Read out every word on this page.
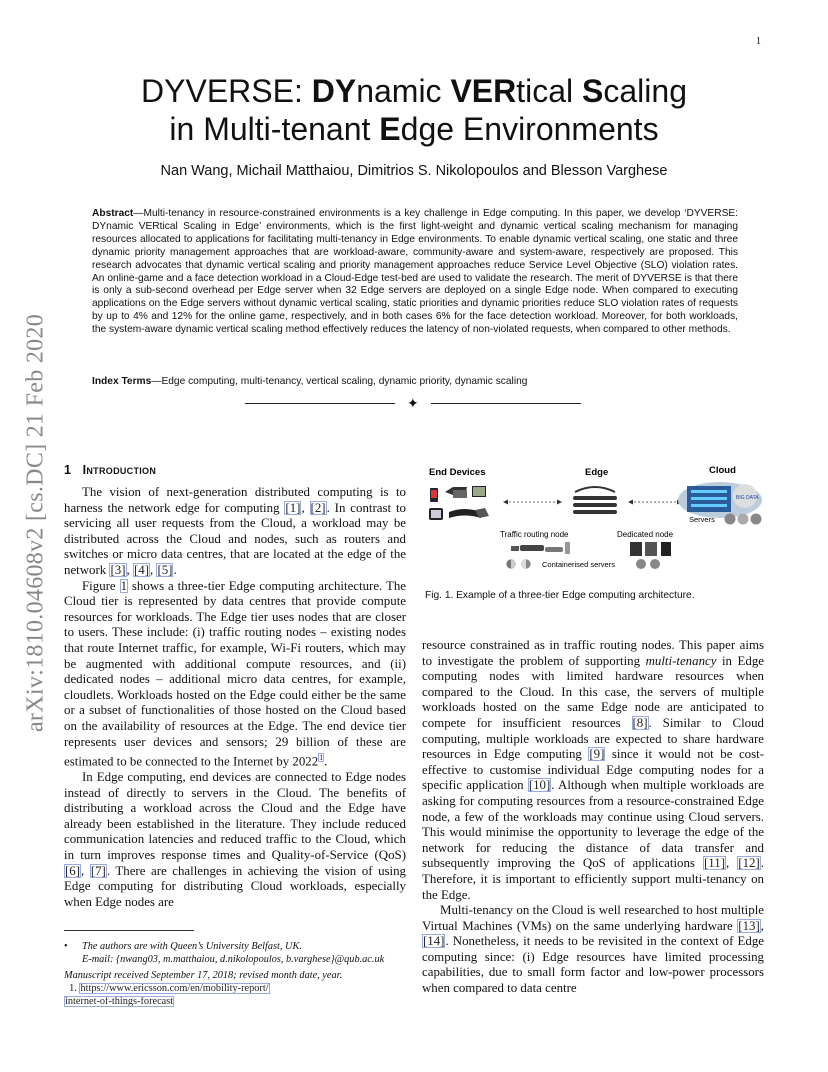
1
arXiv:1810.04608v2 [cs.DC] 21 Feb 2020
DYVERSE: DYnamic VERtical Scaling
in Multi-tenant Edge Environments
Nan Wang, Michail Matthaiou, Dimitrios S. Nikolopoulos and Blesson Varghese
Abstract—Multi-tenancy in resource-constrained environments is a key challenge in Edge computing. In this paper, we develop ‘DYVERSE: DYnamic VERtical Scaling in Edge’ environments, which is the first light-weight and dynamic vertical scaling mechanism for managing resources allocated to applications for facilitating multi-tenancy in Edge environments. To enable dynamic vertical scaling, one static and three dynamic priority management approaches that are workload-aware, community-aware and system-aware, respectively are proposed. This research advocates that dynamic vertical scaling and priority management approaches reduce Service Level Objective (SLO) violation rates. An online-game and a face detection workload in a Cloud-Edge test-bed are used to validate the research. The merit of DYVERSE is that there is only a sub-second overhead per Edge server when 32 Edge servers are deployed on a single Edge node. When compared to executing applications on the Edge servers without dynamic vertical scaling, static priorities and dynamic priorities reduce SLO violation rates of requests by up to 4% and 12% for the online game, respectively, and in both cases 6% for the face detection workload. Moreover, for both workloads, the system-aware dynamic vertical scaling method effectively reduces the latency of non-violated requests, when compared to other methods.
Index Terms—Edge computing, multi-tenancy, vertical scaling, dynamic priority, dynamic scaling
✦
1 Introduction

The vision of next-generation distributed computing is to harness the network edge for computing [1], [2]. In contrast to servicing all user requests from the Cloud, a workload may be distributed across the Cloud and nodes, such as routers and switches or micro data centres, that are located at the edge of the network [3], [4], [5].

Figure 1 shows a three-tier Edge computing architecture. The Cloud tier is represented by data centres that provide compute resources for workloads. The Edge tier uses nodes that are closer to users. These include: (i) traffic routing nodes – existing nodes that route Internet traffic, for example, Wi-Fi routers, which may be augmented with additional compute resources, and (ii) dedicated nodes – additional micro data centres, for example, cloudlets. Workloads hosted on the Edge could either be the same or a subset of functionalities of those hosted on the Cloud based on the availability of resources at the Edge. The end device tier represents user devices and sensors; 29 billion of these are estimated to be connected to the Internet by 2022$^1$.

In Edge computing, end devices are connected to Edge nodes instead of directly to servers in the Cloud. The benefits of distributing a workload across the Cloud and the Edge have already been established in the literature. They include reduced communication latencies and reduced traffic to the Cloud, which in turn improves response times and Quality-of-Service (QoS) [6], [7]. There are challenges in achieving the vision of using Edge computing for distributing Cloud workloads, especially when Edge nodes are

• The authors are with Queen’s University Belfast, UK.
E-mail: {nwang03, m.matthaiou, d.nikolopoulos, b.varghese}@qub.ac.uk
Manuscript received September 17, 2018; revised month date, year.
1. https://www.ericsson.com/en/mobility-report/
internet-of-things-forecast
End Devices	Edge	Cloud
BIG DATA
Servers
Traffic routing node	Dedicated node
Containerised servers
Fig. 1. Example of a three-tier Edge computing architecture.

resource constrained as in traffic routing nodes. This paper aims to investigate the problem of supporting multi-tenancy in Edge computing nodes with limited hardware resources when compared to the Cloud. In this case, the servers of multiple workloads hosted on the same Edge node are anticipated to compete for insufficient resources [8]. Similar to Cloud computing, multiple workloads are expected to share hardware resources in Edge computing [9] since it would not be cost-effective to customise individual Edge computing nodes for a specific application [10]. Although when multiple workloads are asking for computing resources from a resource-constrained Edge node, a few of the workloads may continue using Cloud servers. This would minimise the opportunity to leverage the edge of the network for reducing the distance of data transfer and subsequently improving the QoS of applications [11], [12]. Therefore, it is important to efficiently support multi-tenancy on the Edge.

Multi-tenancy on the Cloud is well researched to host multiple Virtual Machines (VMs) on the same underlying hardware [13], [14]. Nonetheless, it needs to be revisited in the context of Edge computing since: (i) Edge resources have limited processing capabilities, due to small form factor and low-power processors when compared to data centre
